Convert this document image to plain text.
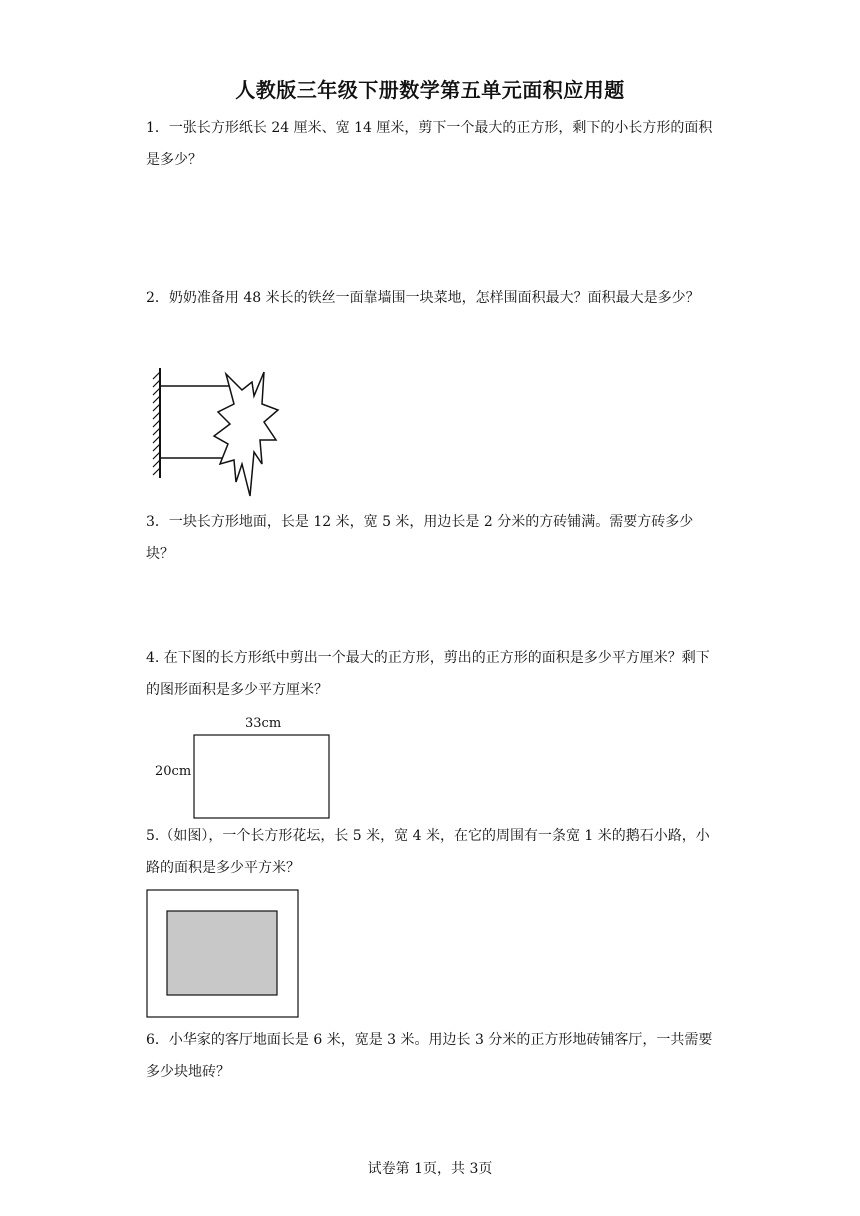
人教版三年级下册数学第五单元面积应用题
1．一张长方形纸长 24 厘米、宽 14 厘米，剪下一个最大的正方形，剩下的小长方形的面积是多少？
2．奶奶准备用 48 米长的铁丝一面靠墙围一块菜地，怎样围面积最大？面积最大是多少？
3．一块长方形地面，长是 12 米，宽 5 米，用边长是 2 分米的方砖铺满。需要方砖多少块？
4. 在下图的长方形纸中剪出一个最大的正方形，剪出的正方形的面积是多少平方厘米？剩下的图形面积是多少平方厘米？
33cm
20cm
5.（如图），一个长方形花坛，长 5 米，宽 4 米，在它的周围有一条宽 1 米的鹅石小路，小路的面积是多少平方米？
6．小华家的客厅地面长是 6 米，宽是 3 米。用边长 3 分米的正方形地砖铺客厅，一共需要多少块地砖？
试卷第 1页，共 3页
